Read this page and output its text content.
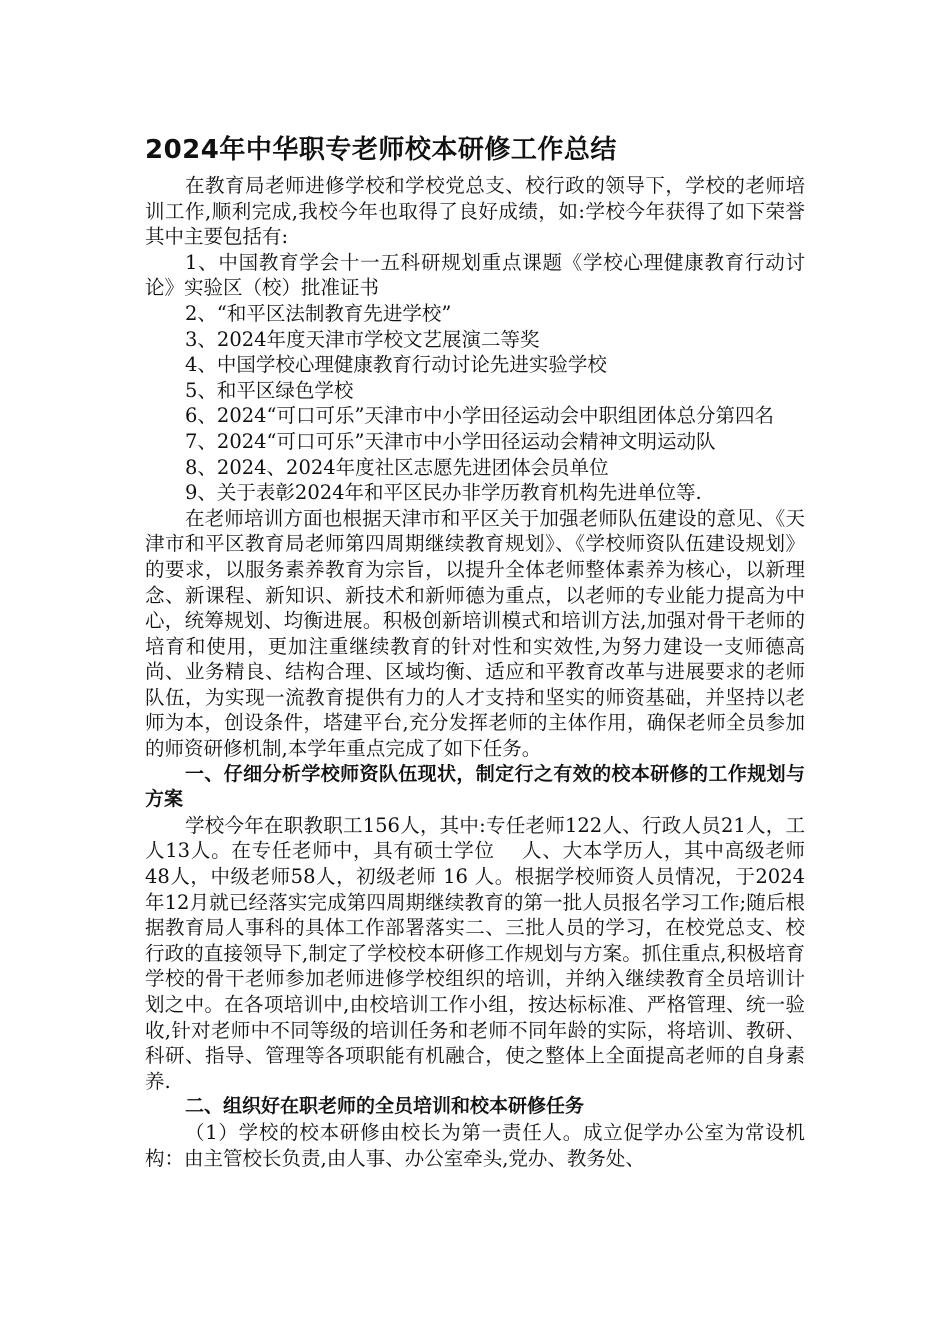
2024年中华职专老师校本研修工作总结

在教育局老师进修学校和学校党总支、校行政的领导下，学校的老师培训工作,顺利完成,我校今年也取得了良好成绩，如:学校今年获得了如下荣誉其中主要包括有:

1、中国教育学会十一五科研规划重点课题《学校心理健康教育行动讨论》实验区（校）批准证书

2、“和平区法制教育先进学校”

3、2024年度天津市学校文艺展演二等奖

4、中国学校心理健康教育行动讨论先进实验学校

5、和平区绿色学校

6、2024“可口可乐”天津市中小学田径运动会中职组团体总分第四名

7、2024“可口可乐”天津市中小学田径运动会精神文明运动队

8、2024、2024年度社区志愿先进团体会员单位

9、关于表彰2024年和平区民办非学历教育机构先进单位等.

在老师培训方面也根据天津市和平区关于加强老师队伍建设的意见、《天津市和平区教育局老师第四周期继续教育规划》、《学校师资队伍建设规划》的要求，以服务素养教育为宗旨，以提升全体老师整体素养为核心，以新理念、新课程、新知识、新技术和新师德为重点，以老师的专业能力提高为中心，统筹规划、均衡进展。积极创新培训模式和培训方法,加强对骨干老师的培育和使用，更加注重继续教育的针对性和实效性,为努力建设一支师德高尚、业务精良、结构合理、区域均衡、适应和平教育改革与进展要求的老师队伍，为实现一流教育提供有力的人才支持和坚实的师资基础，并坚持以老师为本，创设条件，塔建平台,充分发挥老师的主体作用，确保老师全员参加的师资研修机制,本学年重点完成了如下任务。

一、仔细分析学校师资队伍现状，制定行之有效的校本研修的工作规划与方案

学校今年在职教职工156人，其中:专任老师122人、行政人员21人，工人13人。在专任老师中，具有硕士学位　 人、大本学历人，其中高级老师48人，中级老师58人，初级老师 16 人。根据学校师资人员情况，于2024年12月就已经落实完成第四周期继续教育的第一批人员报名学习工作;随后根据教育局人事科的具体工作部署落实二、三批人员的学习，在校党总支、校行政的直接领导下,制定了学校校本研修工作规划与方案。抓住重点,积极培育学校的骨干老师参加老师进修学校组织的培训，并纳入继续教育全员培训计划之中。在各项培训中,由校培训工作小组，按达标标准、严格管理、统一验收,针对老师中不同等级的培训任务和老师不同年龄的实际，将培训、教研、科研、指导、管理等各项职能有机融合，使之整体上全面提高老师的自身素养.

二、组织好在职老师的全员培训和校本研修任务

（1）学校的校本研修由校长为第一责任人。成立促学办公室为常设机构：由主管校长负责,由人事、办公室牵头,党办、教务处、
